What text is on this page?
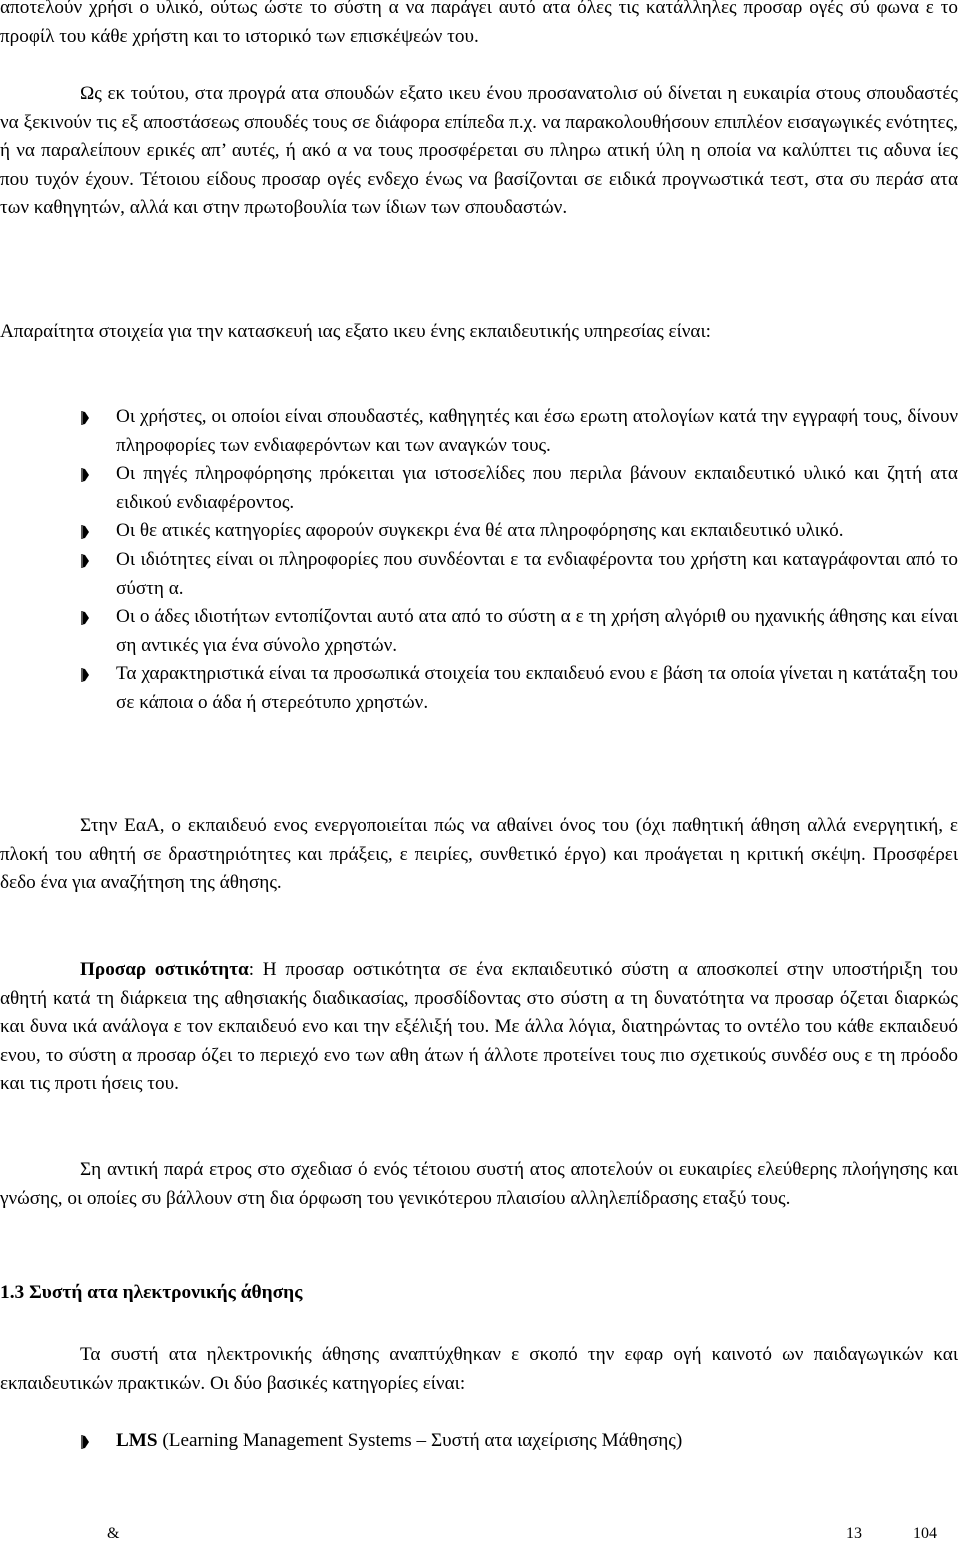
αποτελούν χρήσι ο υλικό, ούτως ώστε το σύστη α να παράγει αυτό ατα όλες τις κατάλληλες προσαρ ογές σύ φωνα ε το προφίλ του κάθε χρήστη και το ιστορικό των επισκέψεών του.

Ως εκ τούτου, στα προγρά ατα σπουδών εξατο ικευ ένου προσανατολισ ού δίνεται η ευκαιρία στους σπουδαστές να ξεκινούν τις εξ αποστάσεως σπουδές τους σε διάφορα επίπεδα π.χ. να παρακολουθήσουν επιπλέον εισαγωγικές ενότητες, ή να παραλείπουν ερικές απ’ αυτές, ή ακό α να τους προσφέρεται συ πληρω ατική ύλη η οποία να καλύπτει τις αδυνα ίες που τυχόν έχουν. Τέτοιου είδους προσαρ ογές ενδεχο ένως να βασίζονται σε ειδικά προγνωστικά τεστ, στα συ περάσ ατα των καθηγητών, αλλά και στην πρωτοβουλία των ίδιων των σπουδαστών.

Απαραίτητα στοιχεία για την κατασκευή ιας εξατο ικευ ένης εκπαιδευτικής υπηρεσίας είναι:

Οι χρήστες, οι οποίοι είναι σπουδαστές, καθηγητές και έσω ερωτη ατολογίων κατά την εγγραφή τους, δίνουν πληροφορίες των ενδιαφερόντων και των αναγκών τους.
Οι πηγές πληροφόρησης πρόκειται για ιστοσελίδες που περιλα βάνουν εκπαιδευτικό υλικό και ζητή ατα ειδικού ενδιαφέροντος.
Οι θε ατικές κατηγορίες αφορούν συγκεκρι ένα θέ ατα πληροφόρησης και εκπαιδευτικό υλικό.
Οι ιδιότητες είναι οι πληροφορίες που συνδέονται ε τα ενδιαφέροντα του χρήστη και καταγράφονται από το σύστη α.
Οι ο άδες ιδιοτήτων εντοπίζονται αυτό ατα από το σύστη α ε τη χρήση αλγόριθ ου ηχανικής άθησης και είναι ση αντικές για ένα σύνολο χρηστών.
Τα χαρακτηριστικά είναι τα προσωπικά στοιχεία του εκπαιδευό ενου ε βάση τα οποία γίνεται η κατάταξη του σε κάποια ο άδα ή στερεότυπο χρηστών.

Στην ΕαΑ, ο εκπαιδευό ενος ενεργοποιείται πώς να αθαίνει όνος του (όχι παθητική άθηση αλλά ενεργητική, ε πλοκή του αθητή σε δραστηριότητες και πράξεις, ε πειρίες, συνθετικό έργο) και προάγεται η κριτική σκέψη. Προσφέρει δεδο ένα για αναζήτηση της άθησης.

Προσαρ οστικότητα: Η προσαρ οστικότητα σε ένα εκπαιδευτικό σύστη α αποσκοπεί στην υποστήριξη του αθητή κατά τη διάρκεια της αθησιακής διαδικασίας, προσδίδοντας στο σύστη α τη δυνατότητα να προσαρ όζεται διαρκώς και δυνα ικά ανάλογα ε τον εκπαιδευό ενο και την εξέλιξή του. Με άλλα λόγια, διατηρώντας το οντέλο του κάθε εκπαιδευό ενου, το σύστη α προσαρ όζει το περιεχό ενο των αθη άτων ή άλλοτε προτείνει τους πιο σχετικούς συνδέσ ους ε τη πρόοδο και τις προτι ήσεις του.

Ση αντική παρά ετρος στο σχεδιασ ό ενός τέτοιου συστή ατος αποτελούν οι ευκαιρίες ελεύθερης πλοήγησης και γνώσης, οι οποίες συ βάλλουν στη δια όρφωση του γενικότερου πλαισίου αλληλεπίδρασης εταξύ τους.

1.3 Συστή ατα ηλεκτρονικής άθησης

Τα συστή ατα ηλεκτρονικής άθησης αναπτύχθηκαν ε σκοπό την εφαρ ογή καινοτό ων παιδαγωγικών και εκπαιδευτικών πρακτικών. Οι δύο βασικές κατηγορίες είναι:

LMS (Learning Management Systems – Συστή ατα ιαχείρισης Μάθησης)
&	13	104
